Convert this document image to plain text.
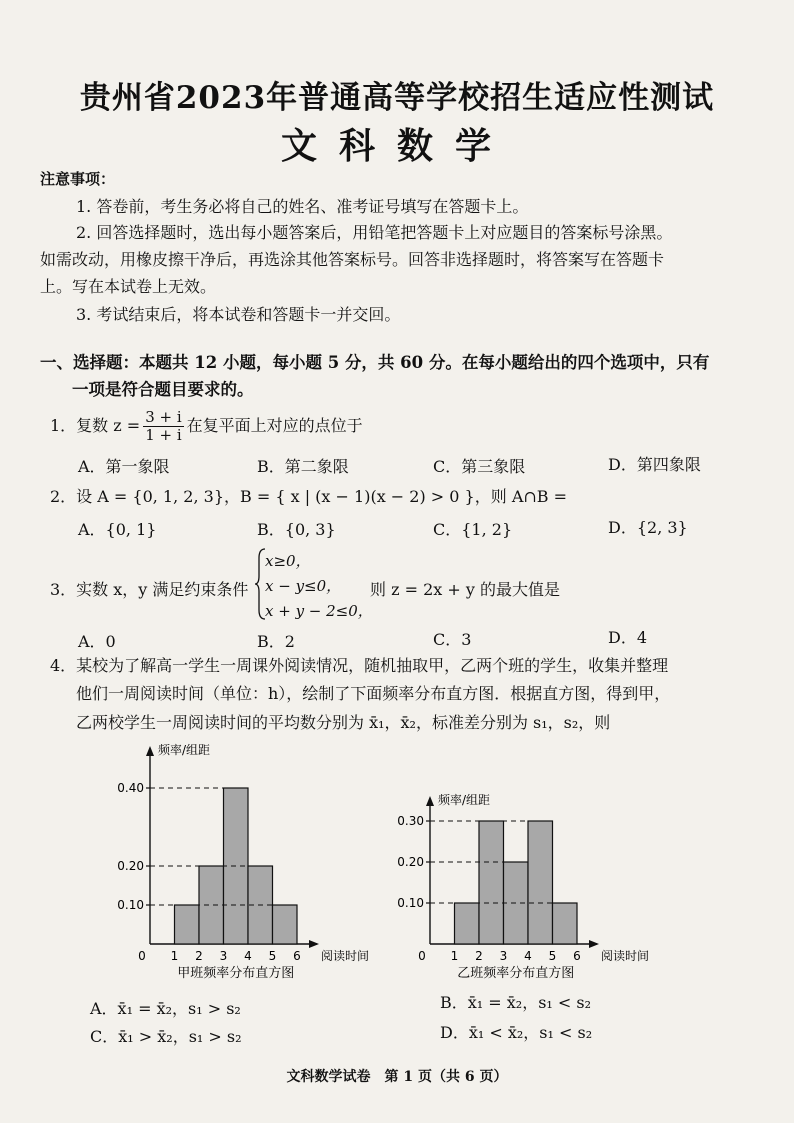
贵州省2023年普通高等学校招生适应性测试
文科数学
注意事项：
1. 答卷前，考生务必将自己的姓名、准考证号填写在答题卡上。
2. 回答选择题时，选出每小题答案后，用铅笔把答题卡上对应题目的答案标号涂黑。
如需改动，用橡皮擦干净后，再选涂其他答案标号。回答非选择题时，将答案写在答题卡
上。写在本试卷上无效。
3. 考试结束后，将本试卷和答题卡一并交回。
一、选择题：本题共 12 小题，每小题 5 分，共 60 分。在每小题给出的四个选项中，只有
一项是符合题目要求的。
1．复数 $z = \frac{3 + i}{1 + i}$ 在复平面上对应的点位于
A．第一象限	B．第二象限	C．第三象限	D．第四象限
2．设 A = {0, 1, 2, 3}，B = { x | (x − 1)(x − 2) > 0 }，则 A∩B =
A．{0, 1}	B．{0, 3}	C．{1, 2}	D．{2, 3}
3．实数 x，y 满足约束条件
x≥0，
x − y≤0，
x + y − 2≤0，
则 z = 2x + y 的最大值是
A．0	B．2	C．3	D．4
4．某校为了解高一学生一周课外阅读情况，随机抽取甲，乙两个班的学生，收集并整理
他们一周阅读时间（单位：h），绘制了下面频率分布直方图．根据直方图，得到甲，
乙两校学生一周阅读时间的平均数分别为 x̄₁，x̄₂，标准差分别为 s₁，s₂，则
频率/组距
阅读时间
0 1 2 3 4 5 6
0.10
0.20
0.40
甲班频率分布直方图
频率/组距
阅读时间
0 1 2 3 4 5 6
0.10
0.20
0.30
乙班频率分布直方图
A．x̄₁ = x̄₂，s₁ > s₂	B．x̄₁ = x̄₂，s₁ < s₂
C．x̄₁ > x̄₂，s₁ > s₂	D．x̄₁ < x̄₂，s₁ < s₂
文科数学试卷　第 1 页（共 6 页）
